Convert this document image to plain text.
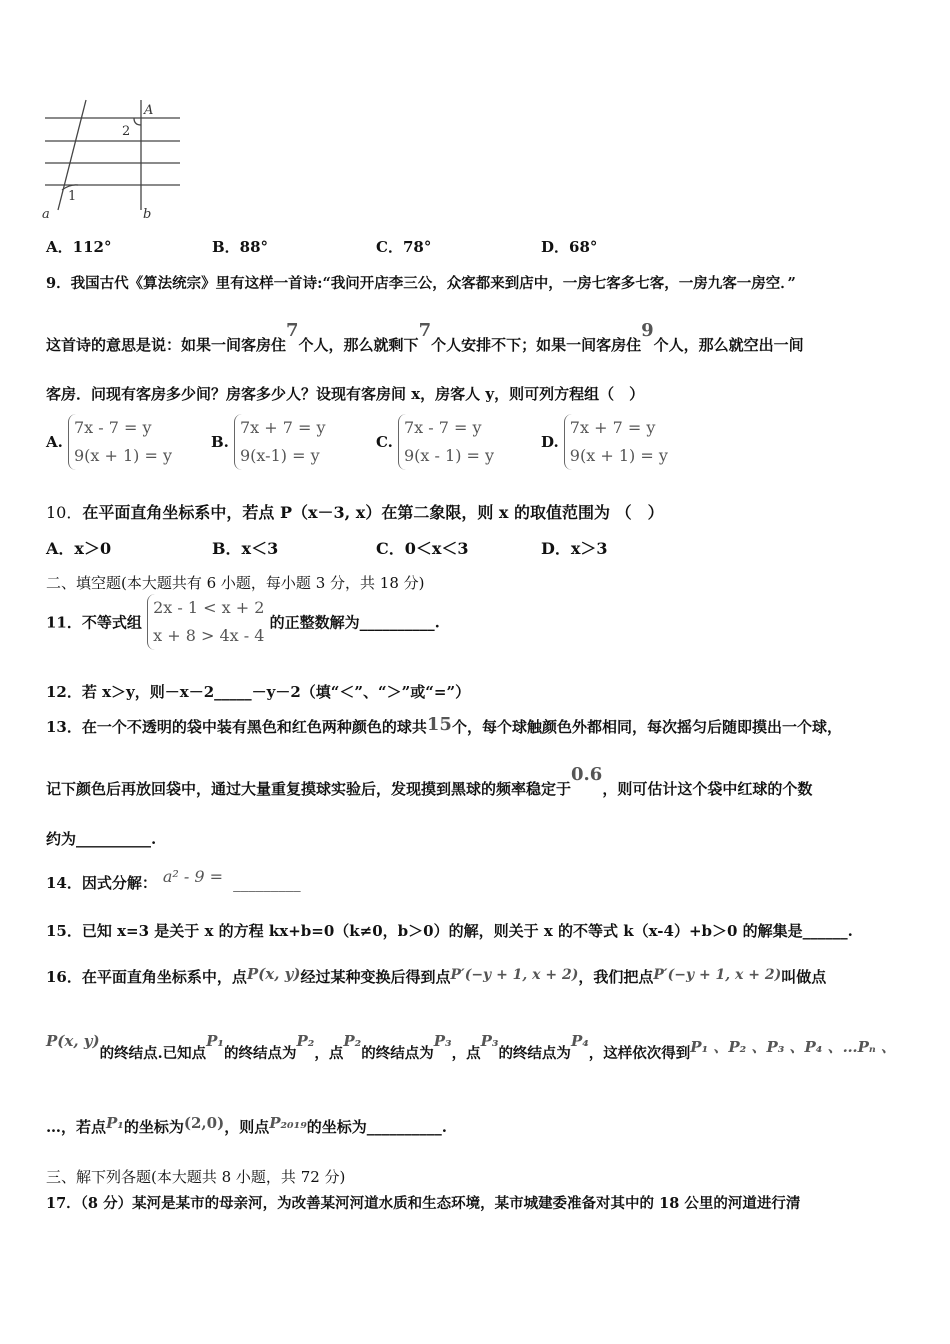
a	b
A
1
2
A．112°	B．88°	C．78°	D．68°
9．我国古代《算法统宗》里有这样一首诗:“我问开店李三公，众客都来到店中，一房七客多七客，一房九客一房空．”
这首诗的意思是说：如果一间客房住7个人，那么就剩下7个人安排不下；如果一间客房住9个人，那么就空出一间
客房．问现有客房多少间？房客多少人？设现有客房间 x，房客人 y，则可列方程组（　）
A.
7x - 7 = y
9(x + 1) = y
B.
7x + 7 = y
9(x-1) = y
C.
7x - 7 = y
9(x - 1) = y
D.
7x + 7 = y
9(x + 1) = y
10．在平面直角坐标系中，若点 P（x－3, x）在第二象限，则 x 的取值范围为 （　）
A．x＞0	B．x＜3	C．0＜x＜3	D．x＞3
二、填空题(本大题共有 6 小题，每小题 3 分，共 18 分)
11．不等式组
2x - 1 < x + 2
x + 8 > 4x - 4
的正整数解为__________.
12．若 x＞y，则－x－2_____－y－2（填“＜”、“＞”或“=”）
13．在一个不透明的袋中装有黑色和红色两种颜色的球共15个，每个球触颜色外都相同，每次摇匀后随即摸出一个球，
记下颜色后再放回袋中，通过大量重复摸球实验后，发现摸到黑球的频率稳定于0.6，则可估计这个袋中红球的个数
约为__________.
14．因式分解： a² - 9 = _________
15．已知 x=3 是关于 x 的方程 kx+b=0（k≠0，b＞0）的解，则关于 x 的不等式 k（x-4）+b＞0 的解集是______.
16．在平面直角坐标系中，点P(x, y)经过某种变换后得到点P′(−y + 1, x + 2)，我们把点P′(−y + 1, x + 2)叫做点
P(x, y)的终结点.已知点P₁的终结点为P₂，点P₂的终结点为P₃，点P₃的终结点为P₄，这样依次得到P₁ 、P₂ 、P₃ 、P₄ 、…Pₙ 、
…，若点P₁的坐标为(2,0)，则点P₂₀₁₉的坐标为__________.
三、解下列各题(本大题共 8 小题，共 72 分)
17．（8 分）某河是某市的母亲河，为改善某河河道水质和生态环境，某市城建委准备对其中的 18 公里的河道进行清
